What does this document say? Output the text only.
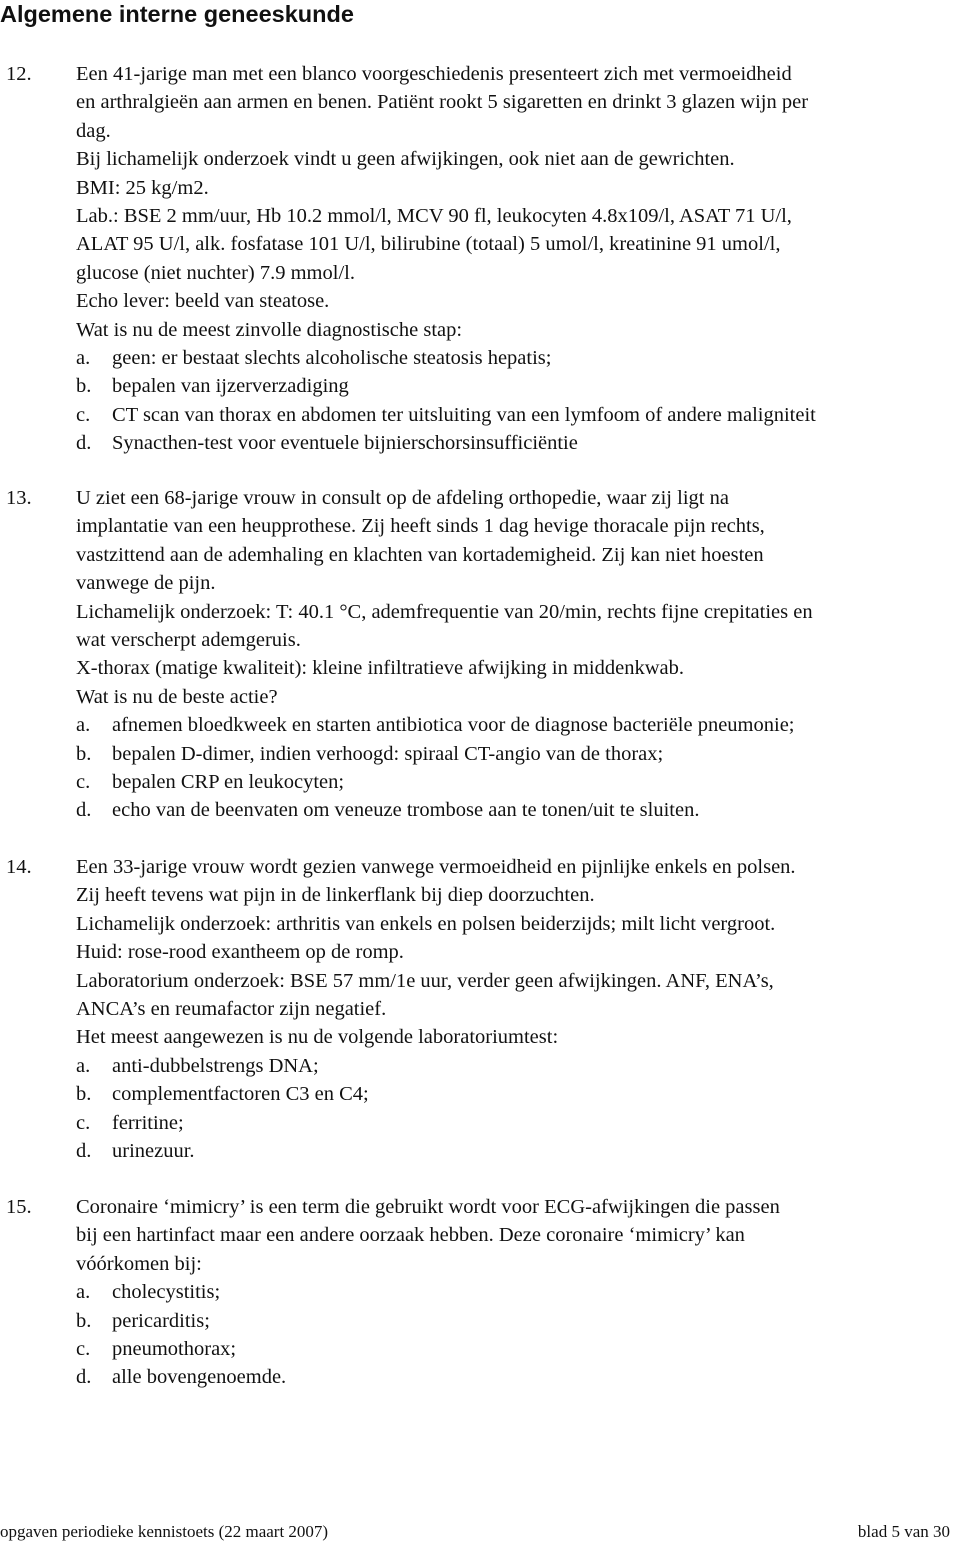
Algemene interne geneeskunde
12. Een 41-jarige man met een blanco voorgeschiedenis presenteert zich met vermoeidheid
en arthralgieën aan armen en benen. Patiënt rookt 5 sigaretten en drinkt 3 glazen wijn per
dag.
Bij lichamelijk onderzoek vindt u geen afwijkingen, ook niet aan de gewrichten.
BMI: 25 kg/m2.
Lab.: BSE 2 mm/uur, Hb 10.2 mmol/l, MCV 90 fl, leukocyten 4.8x109/l, ASAT 71 U/l,
ALAT 95 U/l, alk. fosfatase 101 U/l, bilirubine (totaal) 5 umol/l, kreatinine 91 umol/l,
glucose (niet nuchter) 7.9 mmol/l.
Echo lever: beeld van steatose.
Wat is nu de meest zinvolle diagnostische stap:
a. geen: er bestaat slechts alcoholische steatosis hepatis;
b. bepalen van ijzerverzadiging
c. CT scan van thorax en abdomen ter uitsluiting van een lymfoom of andere maligniteit
d. Synacthen-test voor eventuele bijnierschorsinsufficiëntie
13. U ziet een 68-jarige vrouw in consult op de afdeling orthopedie, waar zij ligt na
implantatie van een heupprothese. Zij heeft sinds 1 dag hevige thoracale pijn rechts,
vastzittend aan de ademhaling en klachten van kortademigheid. Zij kan niet hoesten
vanwege de pijn.
Lichamelijk onderzoek: T: 40.1 °C, ademfrequentie van 20/min, rechts fijne crepitaties en
wat verscherpt ademgeruis.
X-thorax (matige kwaliteit): kleine infiltratieve afwijking in middenkwab.
Wat is nu de beste actie?
a. afnemen bloedkweek en starten antibiotica voor de diagnose bacteriële pneumonie;
b. bepalen D-dimer, indien verhoogd: spiraal CT-angio van de thorax;
c. bepalen CRP en leukocyten;
d. echo van de beenvaten om veneuze trombose aan te tonen/uit te sluiten.
14. Een 33-jarige vrouw wordt gezien vanwege vermoeidheid en pijnlijke enkels en polsen.
Zij heeft tevens wat pijn in de linkerflank bij diep doorzuchten.
Lichamelijk onderzoek: arthritis van enkels en polsen beiderzijds; milt licht vergroot.
Huid: rose-rood exantheem op de romp.
Laboratorium onderzoek: BSE 57 mm/1e uur, verder geen afwijkingen. ANF, ENA’s,
ANCA’s en reumafactor zijn negatief.
Het meest aangewezen is nu de volgende laboratoriumtest:
a. anti-dubbelstrengs DNA;
b. complementfactoren C3 en C4;
c. ferritine;
d. urinezuur.
15. Coronaire ‘mimicry’ is een term die gebruikt wordt voor ECG-afwijkingen die passen
bij een hartinfact maar een andere oorzaak hebben. Deze coronaire ‘mimicry’ kan
vóórkomen bij:
a. cholecystitis;
b. pericarditis;
c. pneumothorax;
d. alle bovengenoemde.
opgaven periodieke kennistoets (22 maart 2007)	blad 5 van 30
